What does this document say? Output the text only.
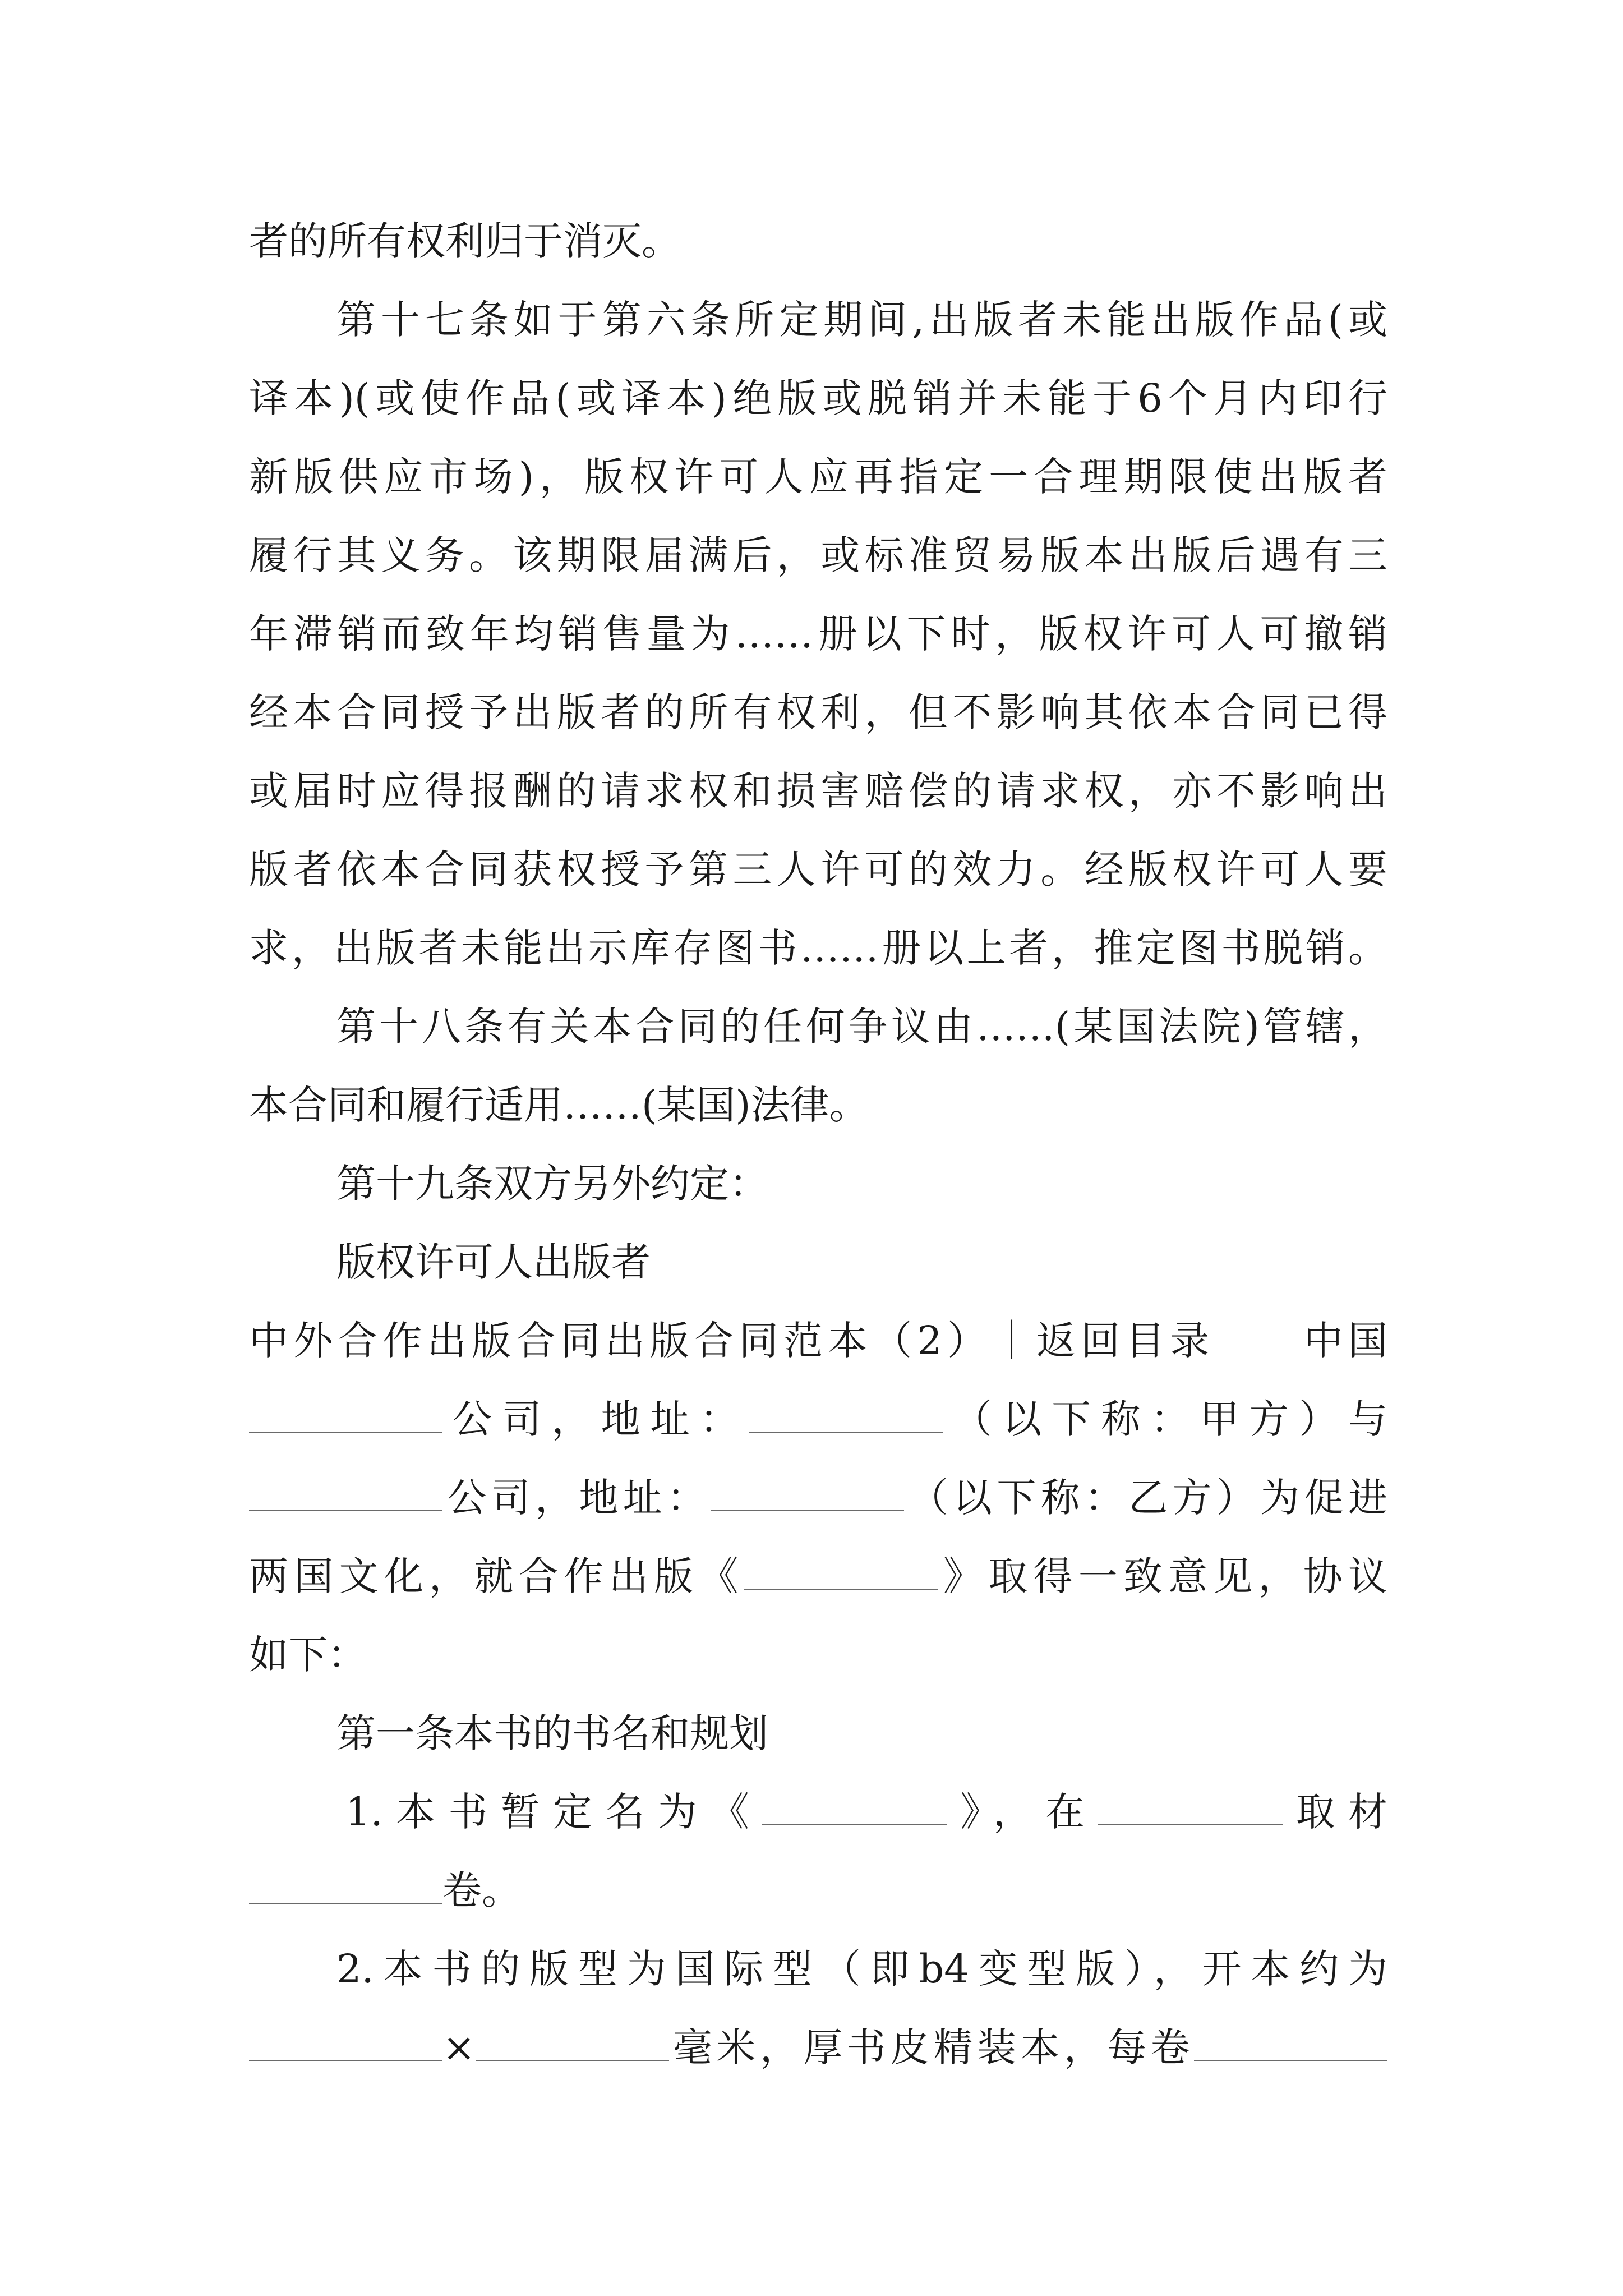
者的所有权利归于消灭。
第十七条如于第六条所定期间,出版者未能出版作品(或
译本)(或使作品(或译本)绝版或脱销并未能于6个月内印行
新版供应市场)，版权许可人应再指定一合理期限使出版者
履行其义务。该期限届满后，或标准贸易版本出版后遇有三
年滞销而致年均销售量为……册以下时，版权许可人可撤销
经本合同授予出版者的所有权利，但不影响其依本合同已得
或届时应得报酬的请求权和损害赔偿的请求权，亦不影响出
版者依本合同获权授予第三人许可的效力。经版权许可人要
求，出版者未能出示库存图书……册以上者，推定图书脱销。
第十八条有关本合同的任何争议由……(某国法院)管辖，
本合同和履行适用……(某国)法律。
第十九条双方另外约定：
版权许可人出版者
中外合作出版合同出版合同范本（2）｜返回目录　　中国
公司，地址：	（以下称：甲方）与
公司，地址：	（以下称：乙方）为促进
两国文化，就合作出版《	》取得一致意见，协议
如下：
第一条本书的书名和规划
1.本书暂定名为《	》，在	取材
卷。
2.本书的版型为国际型（即b4变型版），开本约为
×	毫米，厚书皮精装本，每卷
